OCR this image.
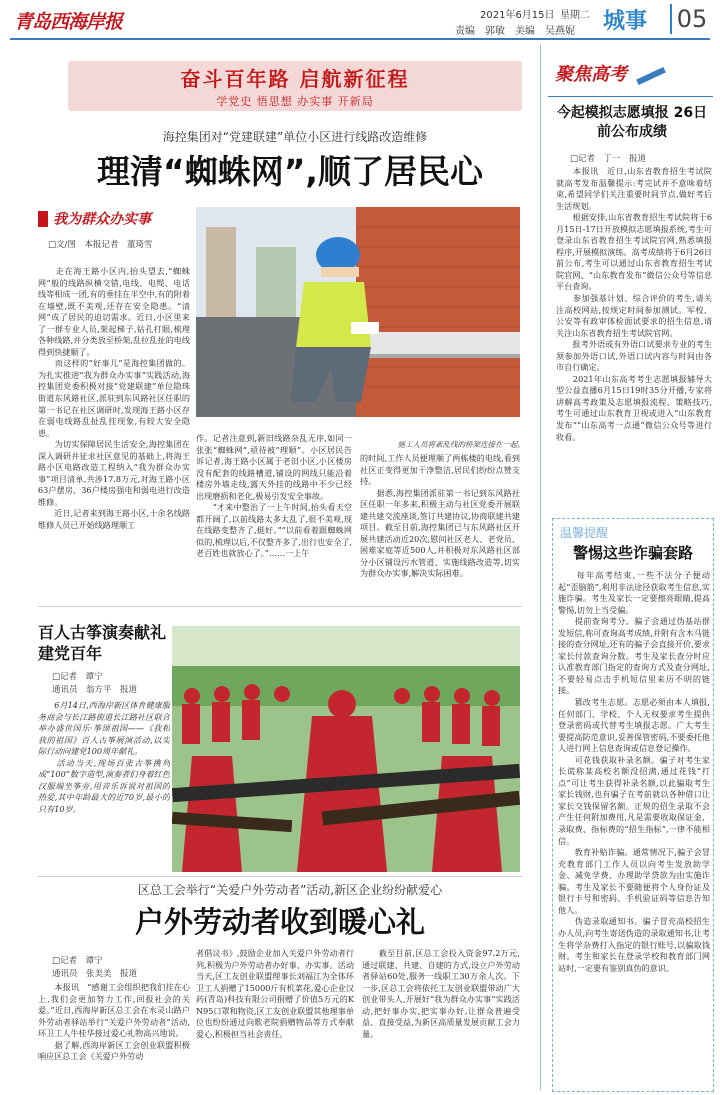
青岛西海岸报	2021年6月15日 星期二
责编　郭敏　美编　吴燕妮 城事 05
奋斗百年路 启航新征程
学党史 悟思想 办实事 开新局
海控集团对“党建联建”单位小区进行线路改造维修
理清“蜘蛛网”,顺了居民心
我为群众办实事
□文/图　本报记者　董琦雪
施工人员将紊乱线的桥架连接在一起。
　　走在海王路小区内,抬头望去,“蜘蛛网”般的线路纵横交错,电线、电缆、电话线等相成一团,有的垂挂在半空中,有的附着在墙壁,既不美观,还存在安全隐患。“清网”成了居民的迫切需求。近日,小区里来了一群专业人员,架起梯子,钻孔打眼,梳理各种线路,并分类放至桥架,乱拉乱扯的电线得到快捷顺了。
　　而这样的“好事儿”是海控集团做的。为扎实推进“我为群众办实事”实践活动,海控集团党委积极对接“党建联建”单位隐珠街道东风路社区,派驻到东风路社区任职的第一书记在社区调研时,发现海王路小区存在弱电线路乱扯乱挂现象,有较大安全隐患。
　　为切实保障居民生活安全,海控集团在深入调研并征求社区意见的基础上,将海王路小区电路改造工程纳入“我为群众办实事”项目清单,共涉17.8万元,对海王路小区63户摆房、36户楼房强电和弱电进行改造维修。
　　近日,记者来到海王路小区,十余名线路维修人员已开始线路理顺工
作。记者注意到,新旧线路杂乱无序,如同一张张“蜘蛛网”,亟待被“理顺”。小区居民告诉记者,海王路小区属于老旧小区,小区楼房没有配套的线路槽道,铺设的网线只能沿着楼房外墙走线,露天外挂的线路中不少已经出现磨损和老化,极易引发安全事故。
　　“才来中整治了一上午时间,抬头看天空都开阔了,以前线路太多太乱了,很不美观,现在线路变整齐了,挺好。”“以前看着跟蜘蛛网似的,梳理以后,不仅整齐多了,出行也安全了,老百姓也就放心了。”……一上午
的时间,工作人员便理顺了两栋楼的电线,看到社区正变得更加干净整洁,居民们纷纷点赞支持。
　　据悉,海控集团派驻第一书记到东风路社区任职一年多来,积极主动与社区党委开展联建共建交流座谈,签订共建协议,协商联建共建项目。截至目前,海控集团已与东风路社区开展共建活动近20次,慰问社区老人、老党员、困难家庭等近500人,并积极对东风路社区部分小区铺设污水管道、实施线路改造等,切实为群众办实事,解决实际困难。
百人古筝演奏献礼建党百年
□记者　谭宁
通讯员　翁方平　报道
　　6月14日,西海岸新区体育健康服务商会与长江路街道长江路社区联合举办盛世国乐·筝颂祖国——《我和我的祖国》百人古筝展演活动,以实际行动向建党100周年献礼。
　　活动当天,现场百张古筝携列成“100”数字造型,演奏者们身着红色汉服端坐筝旁,用音乐诉说对祖国的热爱,其中年龄最大的近70岁,最小的只有10岁。
区总工会举行“关爱户外劳动者”活动,新区企业纷纷献爱心
户外劳动者收到暖心礼
□记者　谭宁
通讯员　张美美　报道
　　本报讯　“感谢工会组织把我们挂在心上,我们会更加努力工作,回报社会的关爱。”近日,西海岸新区总工会在水灵山路户外劳动者驿站举行“关爱户外劳动者”活动,环卫工人牛桂华接过爱心礼物高兴地说。
　　据了解,西海岸新区工会创业联盟积极响应区总工会《关爱户外劳动
者倡议书》,鼓励企业加入关爱户外劳动者行列,积极为户外劳动者办好事、办实事。活动当天,区工友创业联盟理事长刘福江为全体环卫工人捐赠了15000斤有机菜花,爱心企业汉药(青岛)科技有限公司捐赠了价值5万元的KN95口罩和物资,区工友创业联盟其他理事单位也纷纷通过向歌老院捐赠物品等方式奉献爱心,积极担当社会责任。
　　截至目前,区总工会投入资金97.2万元,通过联建、共建、自建的方式,设立户外劳动者驿站60处,服务一线职工30万余人次。下一步,区总工会将依托工友创业联盟带动广大创业带头人,开展好“我为群众办实事”实践活动,把好事办实,把实事办好,让群众普遍受益、直接受益,为新区高质量发展贡献工会力量。
聚焦高考
今起模拟志愿填报 26日前公布成绩
□记者　丁一　报道
　　本报讯　近日,山东省教育招生考试院就高考发布温馨提示:考完试并不意味着结束,希望同学们关注重要时间节点,做好考后生活规划。
　　根据安排,山东省教育招生考试院将于6月15日-17日开放模拟志愿填报系统,考生可登录山东省教育招生考试院官网,熟悉填报程序,开展模拟演练。高考成绩将于6月26日前公布,考生可以通过山东省教育招生考试院官网、“山东教育发布”微信公众号等信息平台查询。
　　参加强基计划、综合评价的考生,请关注高校网站,按规定时间参加测试。军校、公安等有政审体检面试要求的招生信息,请关注山东省教育招生考试院官网。
　　报考外语或有外语口试要求专业的考生须参加外语口试,外语口试内容与时间由各市自行确定。
　　2021年山东高考考生志愿填报辅导大型公益直播6月15日19时35分开播,专家将讲解高考政策及志愿填报流程、策略技巧,考生可通过山东教育卫视或进入“山东教育发布”“山东高考一点通”微信公众号等进行收看。
温馨提醒
警惕这些诈骗套路
　　每年高考结束,一些不法分子便动起“歪脑筋”,利用非法途径获取考生信息,实施诈骗。考生及家长一定要擦亮眼睛,提高警惕,切勿上当受骗。
　　提前查询考分。骗子会通过伪基站群发短信,称可查询高考成绩,并附有含木马链接的查分网址,还有的骗子会直接开价,要求家长付款查询分数。考生及家长查分时应认准教育部门指定的查询方式及查分网址,不要轻易点击手机短信里来历不明的链接。
　　篡改考生志愿。志愿必须由本人填报,任何部门、学校、个人无权要求考生提供登录密码或代替考生填报志愿。广大考生要提高防范意识,妥善保管密码,不要委托他人进行网上信息查询或信息登记操作。
　　可花钱获取补录名额。骗子对考生家长谎称某高校名额没招满,通过花钱“打点”可让考生获得补录名额,以此骗取考生家长钱财,也有骗子在考前就以各种借口让家长交钱保留名额。正规的招生录取不会产生任何附加费用,凡是需要收取保证金、录取费、指标费的“招生指标”,一律不能相信。
　　教育补贴诈骗。通常情况下,骗子会冒充教育部门工作人员以向考生发放助学金、减免学费、办理助学贷款为由实施诈骗。考生及家长不要随便将个人身份证及银行卡号和密码、手机验证码等信息告知他人。
　　伪造录取通知书。骗子冒充高校招生办人员,向考生寄送伪造的录取通知书,让考生将学杂费打入指定的银行账号,以骗取钱财。考生和家长在登录学校和教育部门网站时,一定要有鉴别真伪的意识。
